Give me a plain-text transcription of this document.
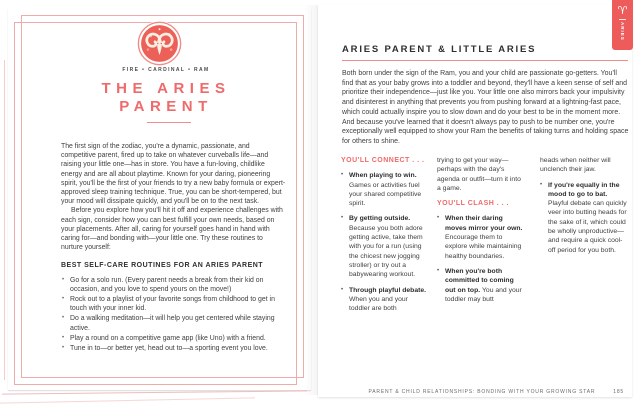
FIRE • CARDINAL • RAM
THE ARIES
PARENT

The first sign of the zodiac, you're a dynamic, passionate, and competitive parent, fired up to take on whatever curveballs life—and raising your little one—has in store. You have a fun-loving, childlike energy and are all about playtime. Known for your daring, pioneering spirit, you'll be the first of your friends to try a new baby formula or expert-approved sleep training technique. True, you can be short-tempered, but your mood will dissipate quickly, and you'll be on to the next task.

Before you explore how you'll hit it off and experience challenges with each sign, consider how you can best fulfill your own needs, based on your placements. After all, caring for yourself goes hand in hand with caring for—and bonding with—your little one. Try these routines to nurture yourself:

BEST SELF-CARE ROUTINES FOR AN ARIES PARENT
• Go for a solo run. (Every parent needs a break from their kid on occasion, and you love to spend yours on the move!)
• Rock out to a playlist of your favorite songs from childhood to get in touch with your inner kid.
• Do a walking meditation—it will help you get centered while staying active.
• Play a round on a competitive game app (like Uno) with a friend.
• Tune in to—or better yet, head out to—a sporting event you love.
ARIES PARENT & LITTLE ARIES
Both born under the sign of the Ram, you and your child are passionate go-getters. You'll find that as your baby grows into a toddler and beyond, they'll have a keen sense of self and prioritize their independence—just like you. Your little one also mirrors back your impulsivity and disinterest in anything that prevents you from pushing forward at a lightning-fast pace, which could actually inspire you to slow down and do your best to be in the moment more. And because you've learned that it doesn't always pay to push to be number one, you're exceptionally well equipped to show your Ram the benefits of taking turns and holding space for others to shine.
YOU'LL CONNECT . . .
• When playing to win. Games or activities fuel your shared competitive spirit.
• By getting outside. Because you both adore getting active, take them with you for a run (using the chicest new jogging stroller) or try out a babywearing workout.
• Through playful debate. When you and your toddler are both
trying to get your way—perhaps with the day's agenda or outfit—turn it into a game.
YOU'LL CLASH . . .
• When their daring moves mirror your own. Encourage them to explore while maintaining healthy boundaries.
• When you're both committed to coming out on top. You and your toddler may butt
heads when neither will unclench their jaw.
• If you're equally in the mood to go to bat. Playful debate can quickly veer into butting heads for the sake of it, which could be wholly unproductive—and require a quick cool-off period for you both.
PARENT & CHILD RELATIONSHIPS: BONDING WITH YOUR GROWING STAR	185
♈
ARIES
